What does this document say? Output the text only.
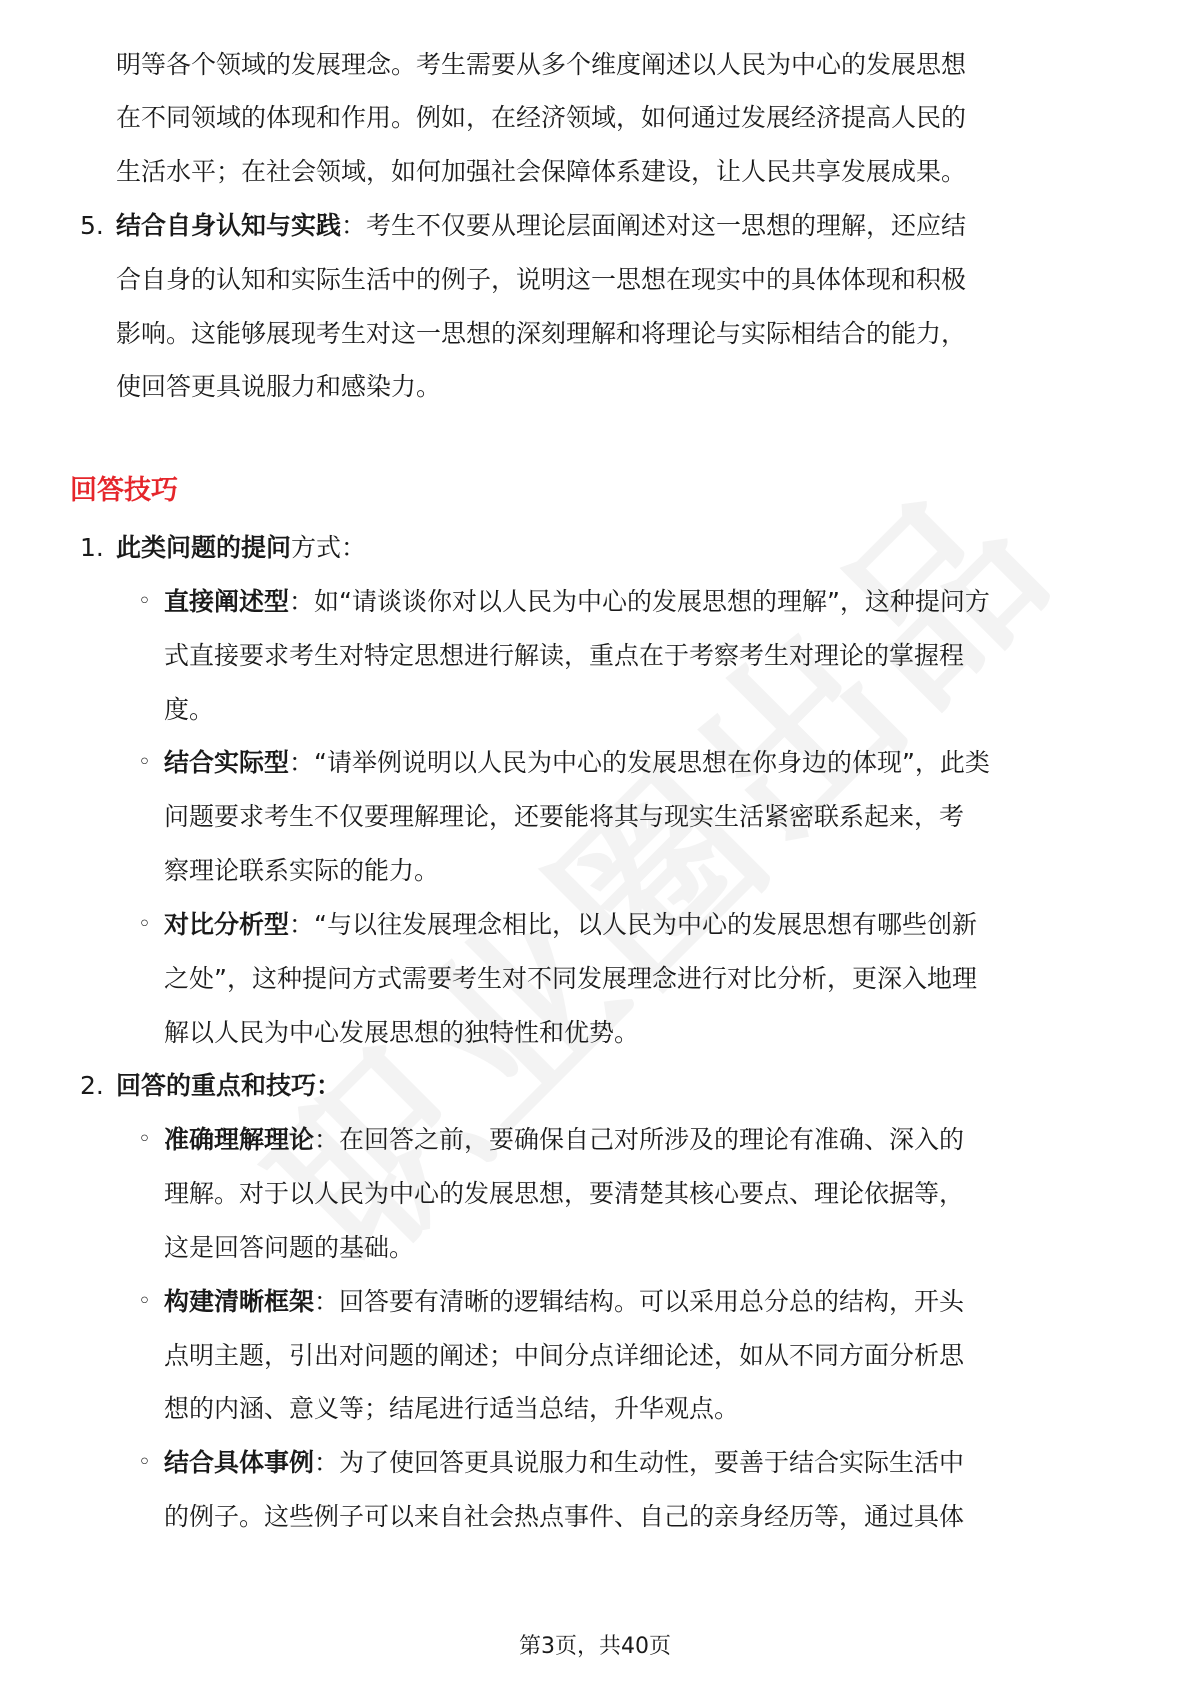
明等各个领域的发展理念。考生需要从多个维度阐述以人民为中心的发展思想
在不同领域的体现和作用。例如，在经济领域，如何通过发展经济提高人民的
生活水平；在社会领域，如何加强社会保障体系建设，让人民共享发展成果。
5. 结合自身认知与实践：考生不仅要从理论层面阐述对这一思想的理解，还应结
合自身的认知和实际生活中的例子，说明这一思想在现实中的具体体现和积极
影响。这能够展现考生对这一思想的深刻理解和将理论与实际相结合的能力，
使回答更具说服力和感染力。
回答技巧
1. 此类问题的提问方式：
◦ 直接阐述型：如“请谈谈你对以人民为中心的发展思想的理解”，这种提问方
式直接要求考生对特定思想进行解读，重点在于考察考生对理论的掌握程
度。
◦ 结合实际型：“请举例说明以人民为中心的发展思想在你身边的体现”，此类
问题要求考生不仅要理解理论，还要能将其与现实生活紧密联系起来，考
察理论联系实际的能力。
◦ 对比分析型：“与以往发展理念相比，以人民为中心的发展思想有哪些创新
之处”，这种提问方式需要考生对不同发展理念进行对比分析，更深入地理
解以人民为中心发展思想的独特性和优势。
2. 回答的重点和技巧：
◦ 准确理解理论：在回答之前，要确保自己对所涉及的理论有准确、深入的
理解。对于以人民为中心的发展思想，要清楚其核心要点、理论依据等，
这是回答问题的基础。
◦ 构建清晰框架：回答要有清晰的逻辑结构。可以采用总分总的结构，开头
点明主题，引出对问题的阐述；中间分点详细论述，如从不同方面分析思
想的内涵、意义等；结尾进行适当总结，升华观点。
◦ 结合具体事例：为了使回答更具说服力和生动性，要善于结合实际生活中
的例子。这些例子可以来自社会热点事件、自己的亲身经历等，通过具体
第3页，共40页
